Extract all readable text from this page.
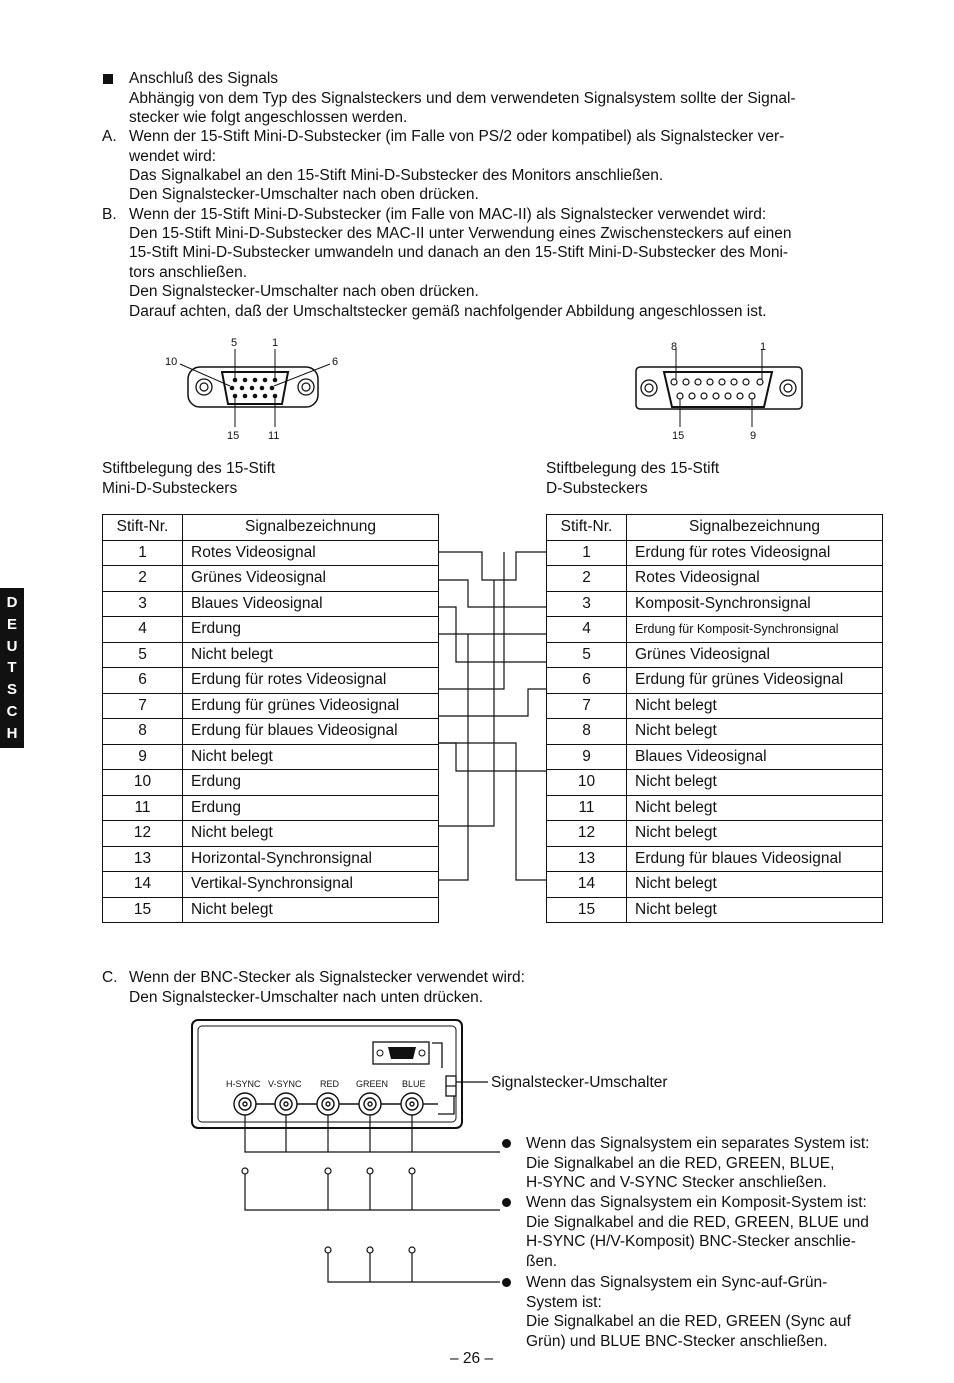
D
E
U
T
S
C
H
Anschluß des Signals
Abhängig von dem Typ des Signalsteckers und dem verwendeten Signalsystem sollte der Signal-
stecker wie folgt angeschlossen werden.
A. Wenn der 15-Stift Mini-D-Substecker (im Falle von PS/2 oder kompatibel) als Signalstecker ver-
wendet wird:
Das Signalkabel an den 15-Stift Mini-D-Substecker des Monitors anschließen.
Den Signalstecker-Umschalter nach oben drücken.
B. Wenn der 15-Stift Mini-D-Substecker (im Falle von MAC-II) als Signalstecker verwendet wird:
Den 15-Stift Mini-D-Substecker des MAC-II unter Verwendung eines Zwischensteckers auf einen
15-Stift Mini-D-Substecker umwandeln und danach an den 15-Stift Mini-D-Substecker des Moni-
tors anschließen.
Den Signalstecker-Umschalter nach oben drücken.
Darauf achten, daß der Umschaltstecker gemäß nachfolgender Abbildung angeschlossen ist.
5	1
10	6
15	11
Stiftbelegung des 15-Stift
Mini-D-Substeckers
8	1
15	9
Stiftbelegung des 15-Stift
D-Substeckers
Stift-Nr.	Signalbezeichnung
1	Rotes Videosignal
2	Grünes Videosignal
3	Blaues Videosignal
4	Erdung
5	Nicht belegt
6	Erdung für rotes Videosignal
7	Erdung für grünes Videosignal
8	Erdung für blaues Videosignal
9	Nicht belegt
10	Erdung
11	Erdung
12	Nicht belegt
13	Horizontal-Synchronsignal
14	Vertikal-Synchronsignal
15	Nicht belegt
Stift-Nr.	Signalbezeichnung
1	Erdung für rotes Videosignal
2	Rotes Videosignal
3	Komposit-Synchronsignal
4	Erdung für Komposit-Synchronsignal
5	Grünes Videosignal
6	Erdung für grünes Videosignal
7	Nicht belegt
8	Nicht belegt
9	Blaues Videosignal
10	Nicht belegt
11	Nicht belegt
12	Nicht belegt
13	Erdung für blaues Videosignal
14	Nicht belegt
15	Nicht belegt
C. Wenn der BNC-Stecker als Signalstecker verwendet wird:
Den Signalstecker-Umschalter nach unten drücken.
H-SYNC V-SYNC RED GREEN BLUE	Signalstecker-Umschalter
Wenn das Signalsystem ein separates System ist:
Die Signalkabel an die RED, GREEN, BLUE,
H-SYNC and V-SYNC Stecker anschließen.
Wenn das Signalsystem ein Komposit-System ist:
Die Signalkabel and die RED, GREEN, BLUE und
H-SYNC (H/V-Komposit) BNC-Stecker anschlie-
ßen.
Wenn das Signalsystem ein Sync-auf-Grün-
System ist:
Die Signalkabel an die RED, GREEN (Sync auf
Grün) und BLUE BNC-Stecker anschließen.
– 26 –
